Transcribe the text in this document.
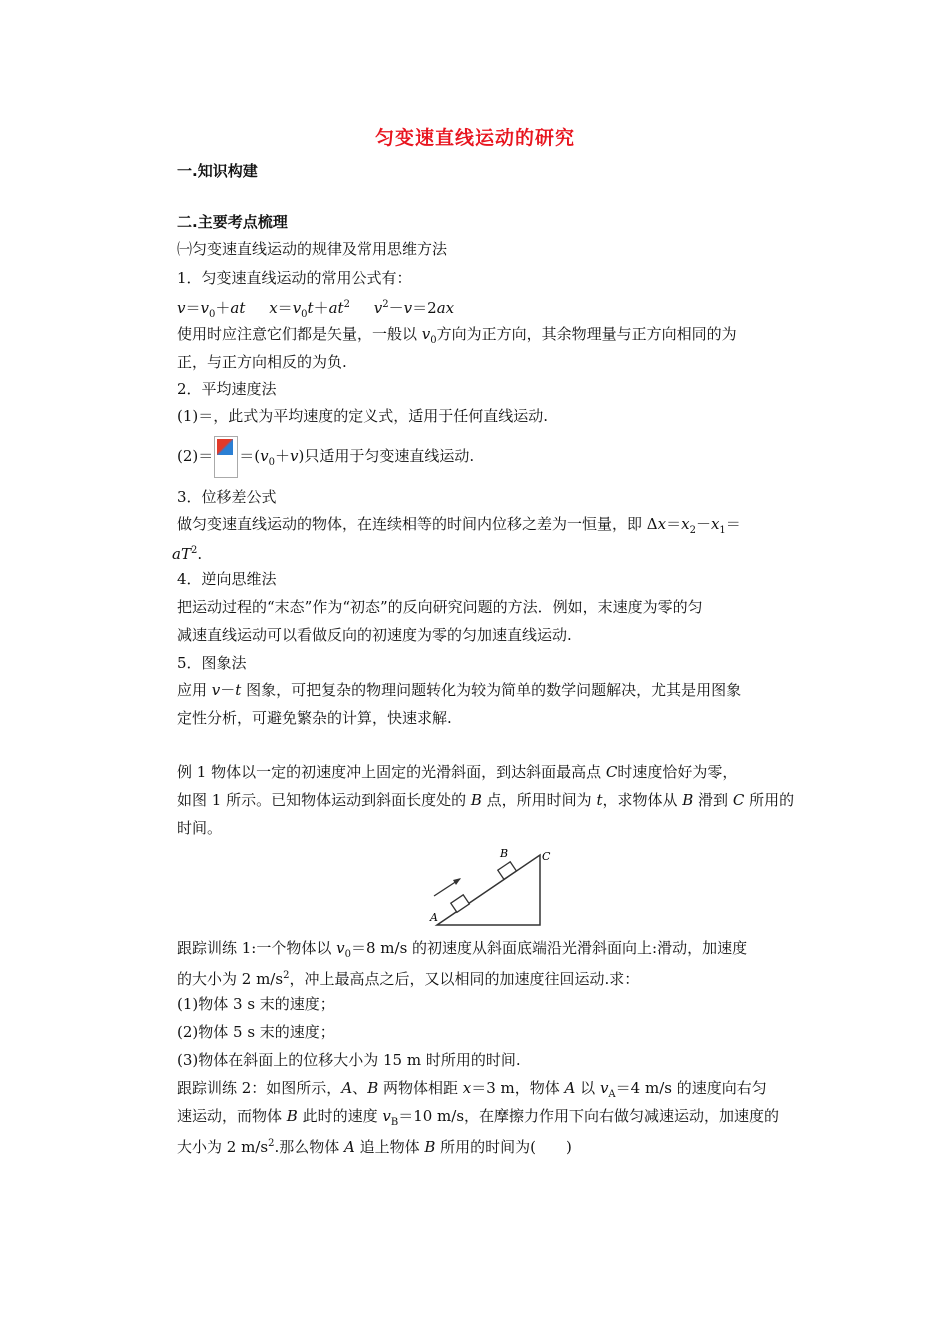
匀变速直线运动的研究
一.知识构建
二.主要考点梳理
㈠匀变速直线运动的规律及常用思维方法
1．匀变速直线运动的常用公式有：
$v=v_0+at$ $x=v_0t+at^2$ $v^2-v=2ax$
使用时应注意它们都是矢量，一般以 $v_0$方向为正方向，其余物理量与正方向相同的为
正，与正方向相反的为负.
2．平均速度法
(1)＝，此式为平均速度的定义式，适用于任何直线运动.
$(2)= =(v_0+v)$只适用于匀变速直线运动.
3．位移差公式
做匀变速直线运动的物体，在连续相等的时间内位移之差为一恒量，即 $\Delta x=x_2-x_1=$
$aT^2$.
4．逆向思维法
把运动过程的“末态”作为“初态”的反向研究问题的方法．例如，末速度为零的匀
减速直线运动可以看做反向的初速度为零的匀加速直线运动.
5．图象法
应用 v－t 图象，可把复杂的物理问题转化为较为简单的数学问题解决，尤其是用图象
定性分析，可避免繁杂的计算，快速求解.
例 1 物体以一定的初速度冲上固定的光滑斜面，到达斜面最高点 C时速度恰好为零，
如图 1 所示。已知物体运动到斜面长度处的 B 点，所用时间为 t，求物体从 B 滑到 C 所用的
时间。
A
B	C
跟踪训练 1:一个物体以 $v_0=8$ m/s 的初速度从斜面底端沿光滑斜面向上:滑动，加速度
的大小为 2 $m/s^2$，冲上最高点之后，又以相同的加速度往回运动.求：
(1)物体 3 s 末的速度；
(2)物体 5 s 末的速度；
(3)物体在斜面上的位移大小为 15 m 时所用的时间.
跟踪训练 2：如图所示，A、B 两物体相距 x＝3 m，物体 A 以 $v_A=4$ m/s 的速度向右匀
速运动，而物体 B 此时的速度 $v_B=10$ m/s，在摩擦力作用下向右做匀减速运动，加速度的
大小为 2 $m/s^2$.那么物体 A 追上物体 B 所用的时间为(　　)
